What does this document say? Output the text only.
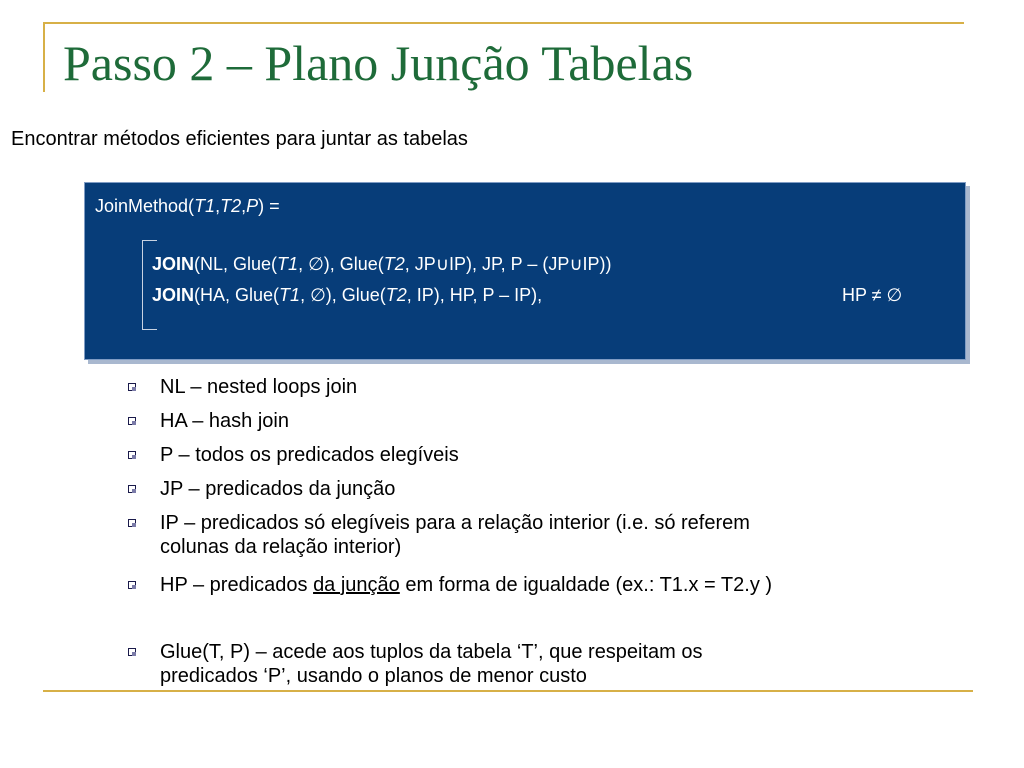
Passo 2 – Plano Junção Tabelas
Encontrar métodos eficientes para juntar as tabelas
JoinMethod(T1,T2,P) =
JOIN(NL, Glue(T1, ∅), Glue(T2, JP∪IP), JP, P – (JP∪IP))
JOIN(HA, Glue(T1, ∅), Glue(T2, IP), HP, P – IP),	HP ≠ ∅
NL – nested loops join
HA – hash join
P – todos os predicados elegíveis
JP – predicados da junção
IP – predicados só elegíveis para a relação interior (i.e. só referem
colunas da relação interior)
HP – predicados da junção em forma de igualdade (ex.: T1.x = T2.y )
Glue(T, P) – acede aos tuplos da tabela ‘T’, que respeitam os
predicados ‘P’, usando o planos de menor custo
